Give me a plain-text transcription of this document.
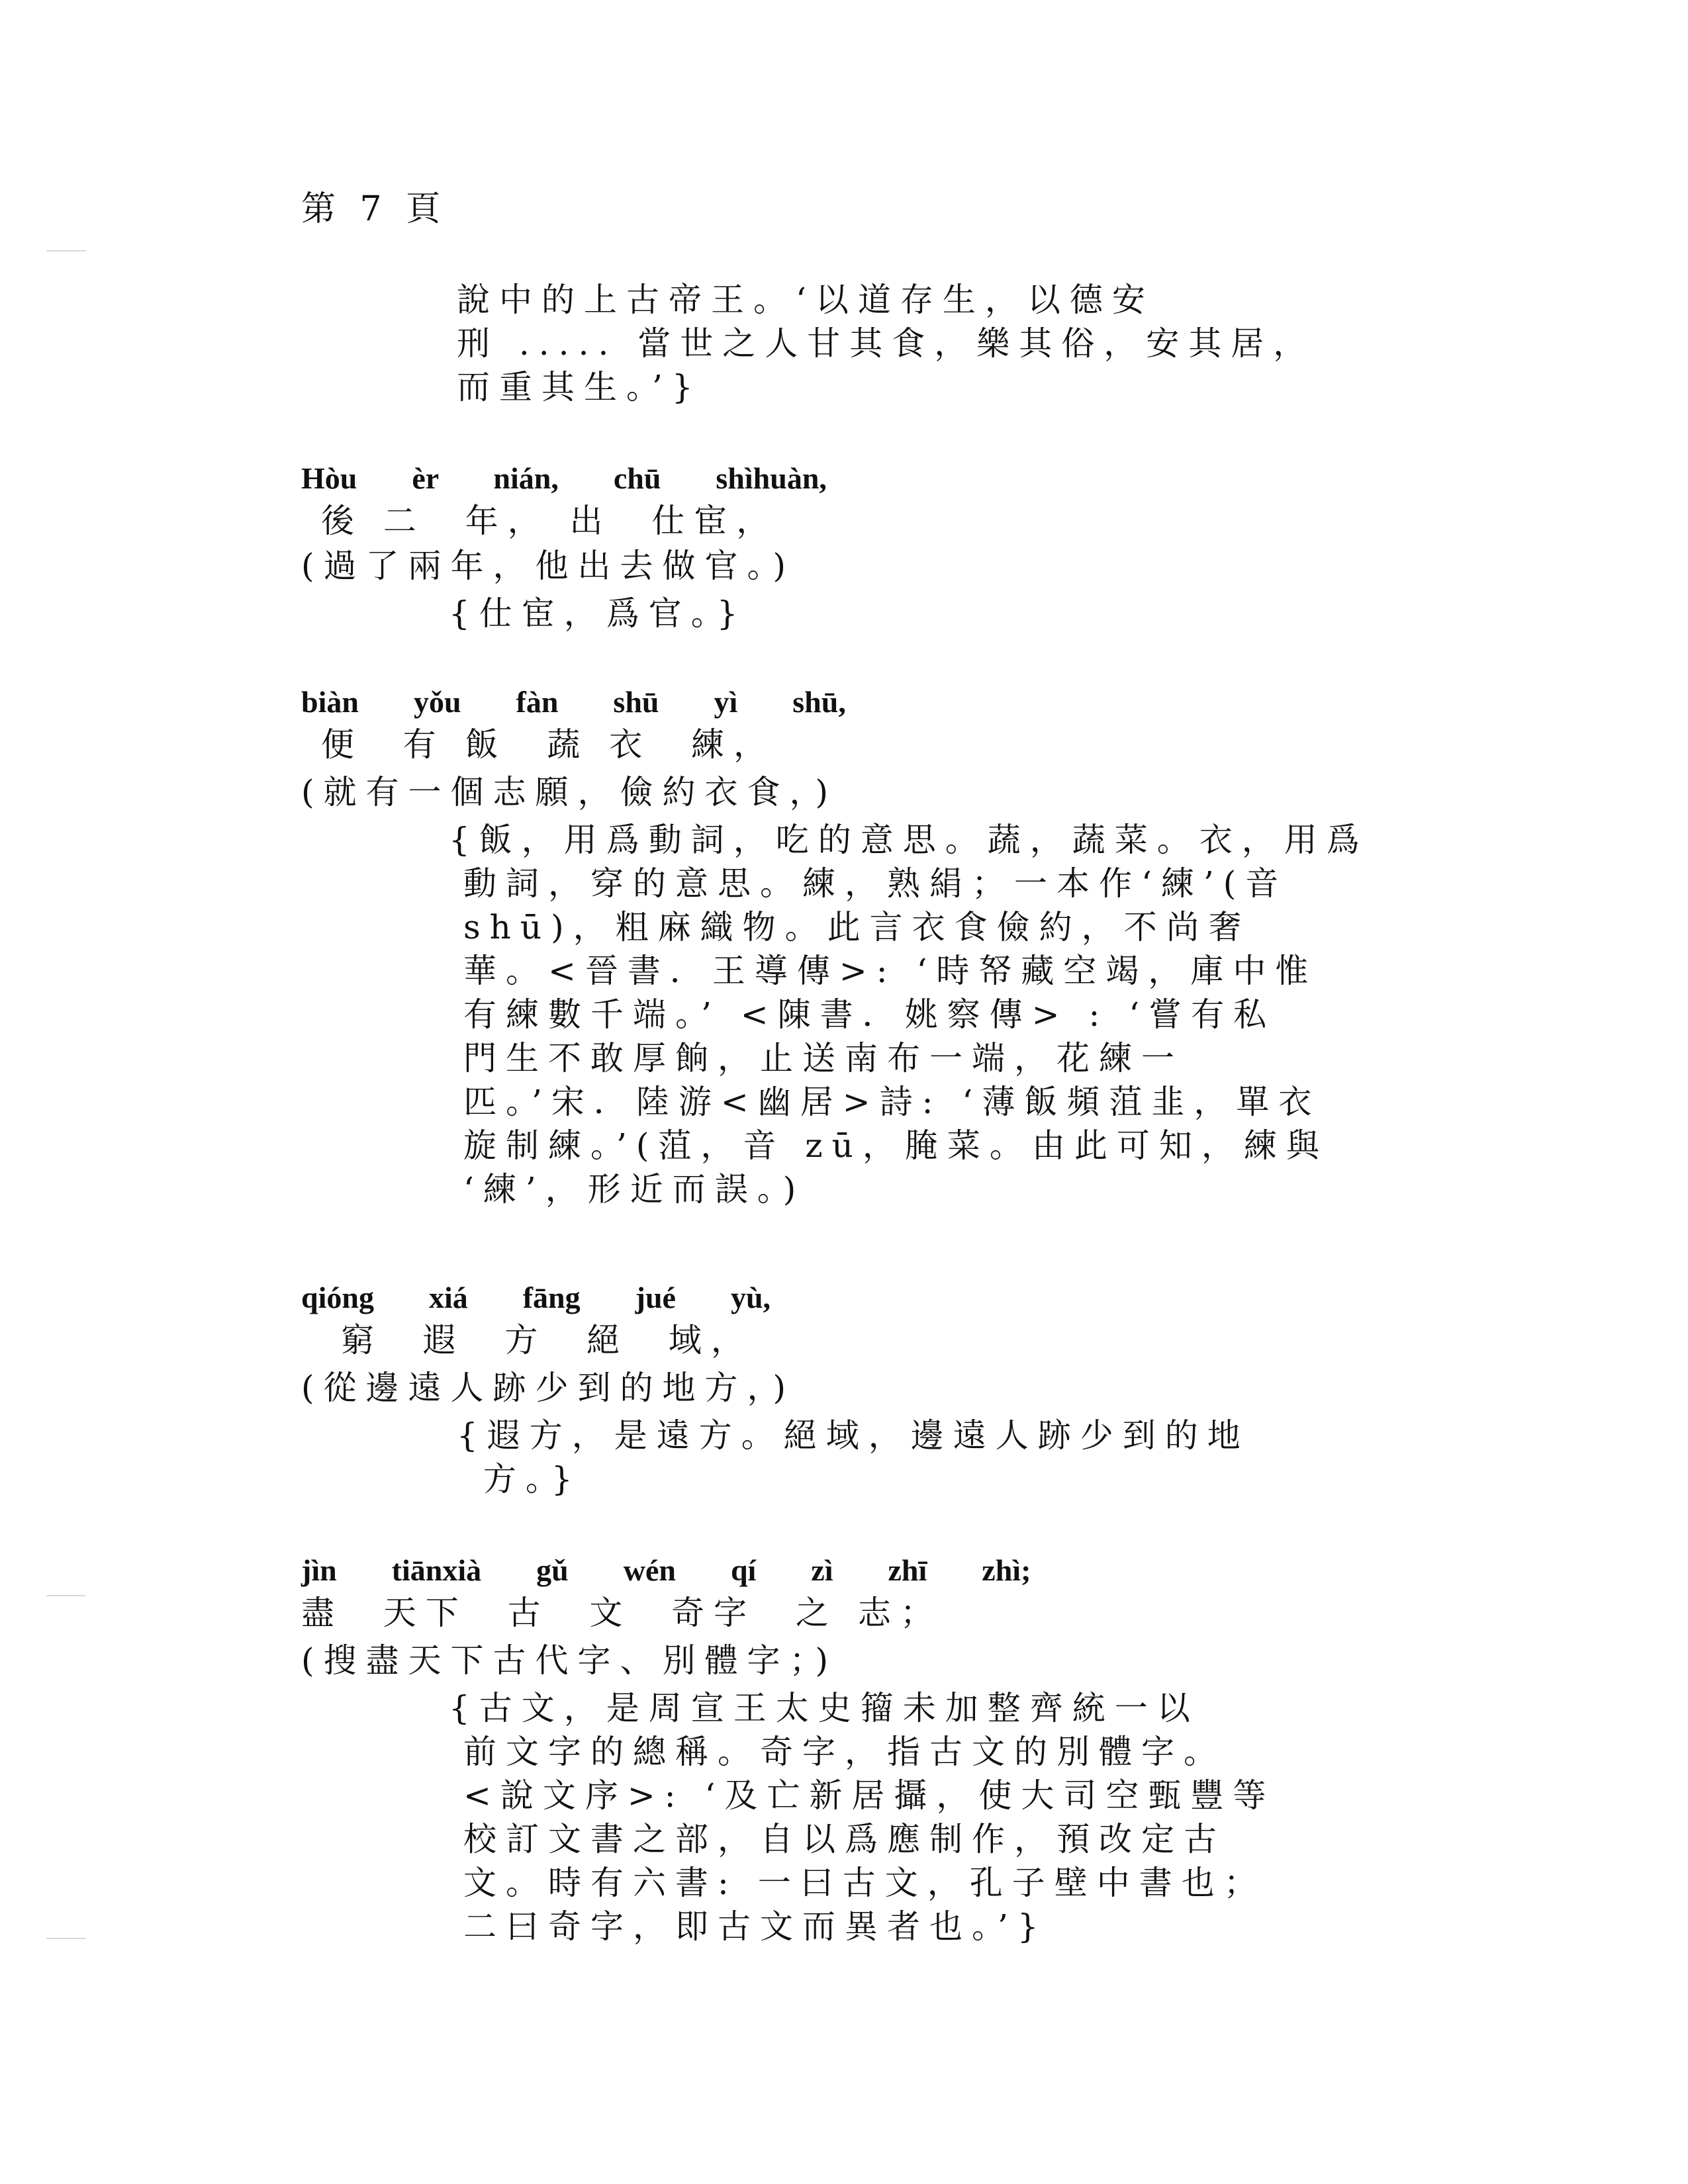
第 7 頁
說中的上古帝王。‘以道存生，以德安
刑 ..... 當世之人甘其食，樂其俗，安其居，
而重其生。’}
Hòu  èr  nián,  chū  shìhuàn,
後 二  年， 出  仕宦，
(過了兩年，他出去做官。)
{仕宦，爲官。}
biàn  yǒu  fàn  shū  yì  shū,
便  有 飯  蔬 衣  練，
(就有一個志願，儉約衣食，)
{飯，用爲動詞，吃的意思。蔬，蔬菜。衣，用爲
動詞，穿的意思。練，熟絹；一本作‘練’(音
shū)，粗麻織物。此言衣食儉約，不尚奢
華。<晉書．王導傳>: ‘時帑藏空竭，庫中惟
有練數千端。’ <陳書．姚察傳> : ‘嘗有私
門生不敢厚餉，止送南布一端，花練一
匹。’宋．陸游<幽居>詩: ‘薄飯頻菹韭，單衣
旋制練。’(菹，音 zū，腌菜。由此可知，練與
‘練’，形近而誤。)
qióng  xiá  fāng  jué  yù,
窮  遐  方  絕  域，
(從邊遠人跡少到的地方，)
{遐方，是遠方。絕域，邊遠人跡少到的地
方。}
jìn  tiānxià  gǔ  wén  qí  zì  zhī  zhì;
盡  天下  古  文  奇字  之 志；
(搜盡天下古代字、別體字；)
{古文，是周宣王太史籀未加整齊統一以
前文字的總稱。奇字，指古文的別體字。
<說文序>: ‘及亡新居攝，使大司空甄豐等
校訂文書之部，自以爲應制作，預改定古
文。時有六書: 一曰古文，孔子壁中書也；
二曰奇字，即古文而異者也。’}
